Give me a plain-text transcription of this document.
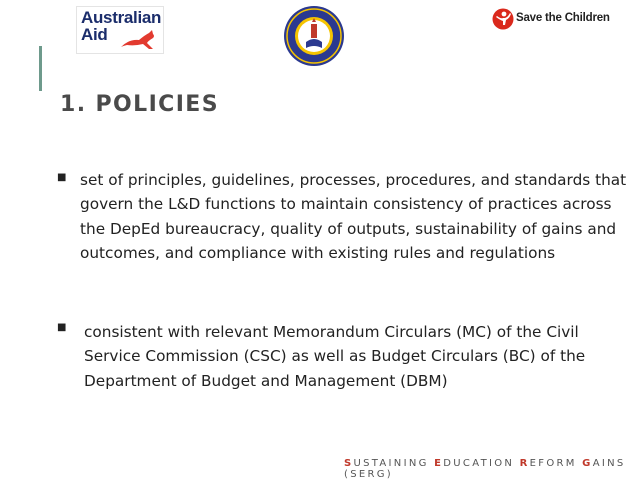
Australian
Aid
Save the Children
1. POLICIES
■ set of principles, guidelines, processes, procedures, and standards that govern the L&D functions to maintain consistency of practices across the DepEd bureaucracy, quality of outputs, sustainability of gains and outcomes, and compliance with existing rules and regulations
■ consistent with relevant Memorandum Circulars (MC) of the Civil Service Commission (CSC) as well as Budget Circulars (BC) of the Department of Budget and Management (DBM)
SUSTAINING EDUCATION REFORM GAINS (SERG)
